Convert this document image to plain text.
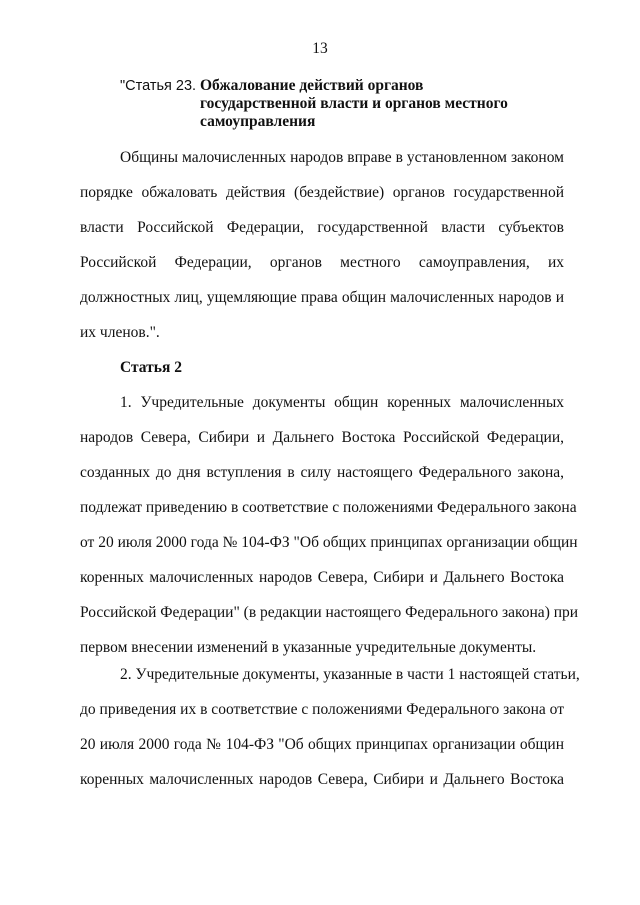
13
"Статья 23. Обжалование действий органов
государственной власти и органов местного
самоуправления
Общины малочисленных народов вправе в установленном законом
порядке обжаловать действия (бездействие) органов государственной
власти Российской Федерации, государственной власти субъектов
Российской Федерации, органов местного самоуправления, их
должностных лиц, ущемляющие права общин малочисленных народов и
их членов.".
Статья 2
1. Учредительные документы общин коренных малочисленных
народов Севера, Сибири и Дальнего Востока Российской Федерации,
созданных до дня вступления в силу настоящего Федерального закона,
подлежат приведению в соответствие с положениями Федерального закона
от 20 июля 2000 года № 104-ФЗ "Об общих принципах организации общин
коренных малочисленных народов Севера, Сибири и Дальнего Востока
Российской Федерации" (в редакции настоящего Федерального закона) при
первом внесении изменений в указанные учредительные документы.
2. Учредительные документы, указанные в части 1 настоящей статьи,
до приведения их в соответствие с положениями Федерального закона от
20 июля 2000 года № 104-ФЗ "Об общих принципах организации общин
коренных малочисленных народов Севера, Сибири и Дальнего Востока
